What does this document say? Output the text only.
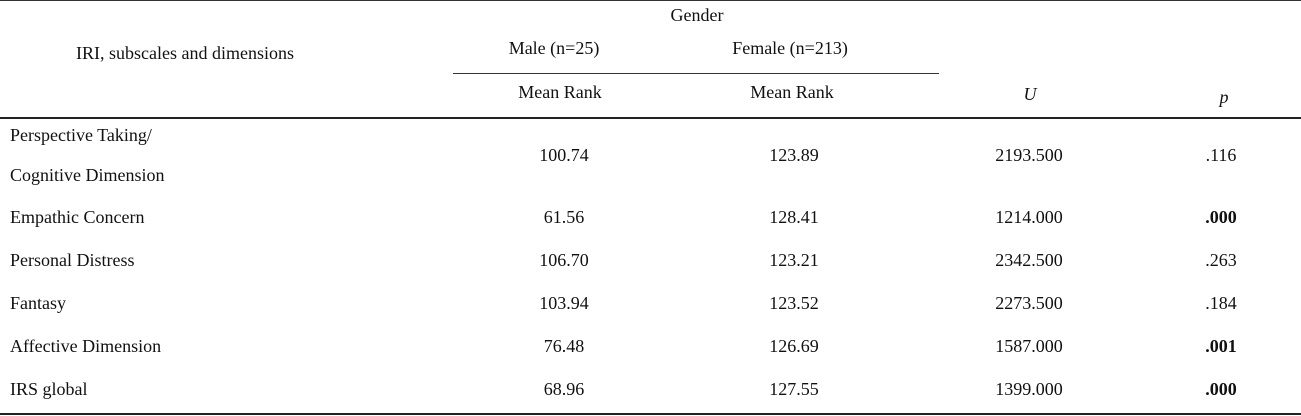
IRI, subscales and dimensions
Gender
Male (n=25)	Female (n=213)
Mean Rank	Mean Rank	U	p
Perspective Taking/
Cognitive Dimension
100.74	123.89	2193.500	.116
Empathic Concern	61.56	128.41	1214.000	.000
Personal Distress	106.70	123.21	2342.500	.263
Fantasy	103.94	123.52	2273.500	.184
Affective Dimension	76.48	126.69	1587.000	.001
IRS global	68.96	127.55	1399.000	.000
